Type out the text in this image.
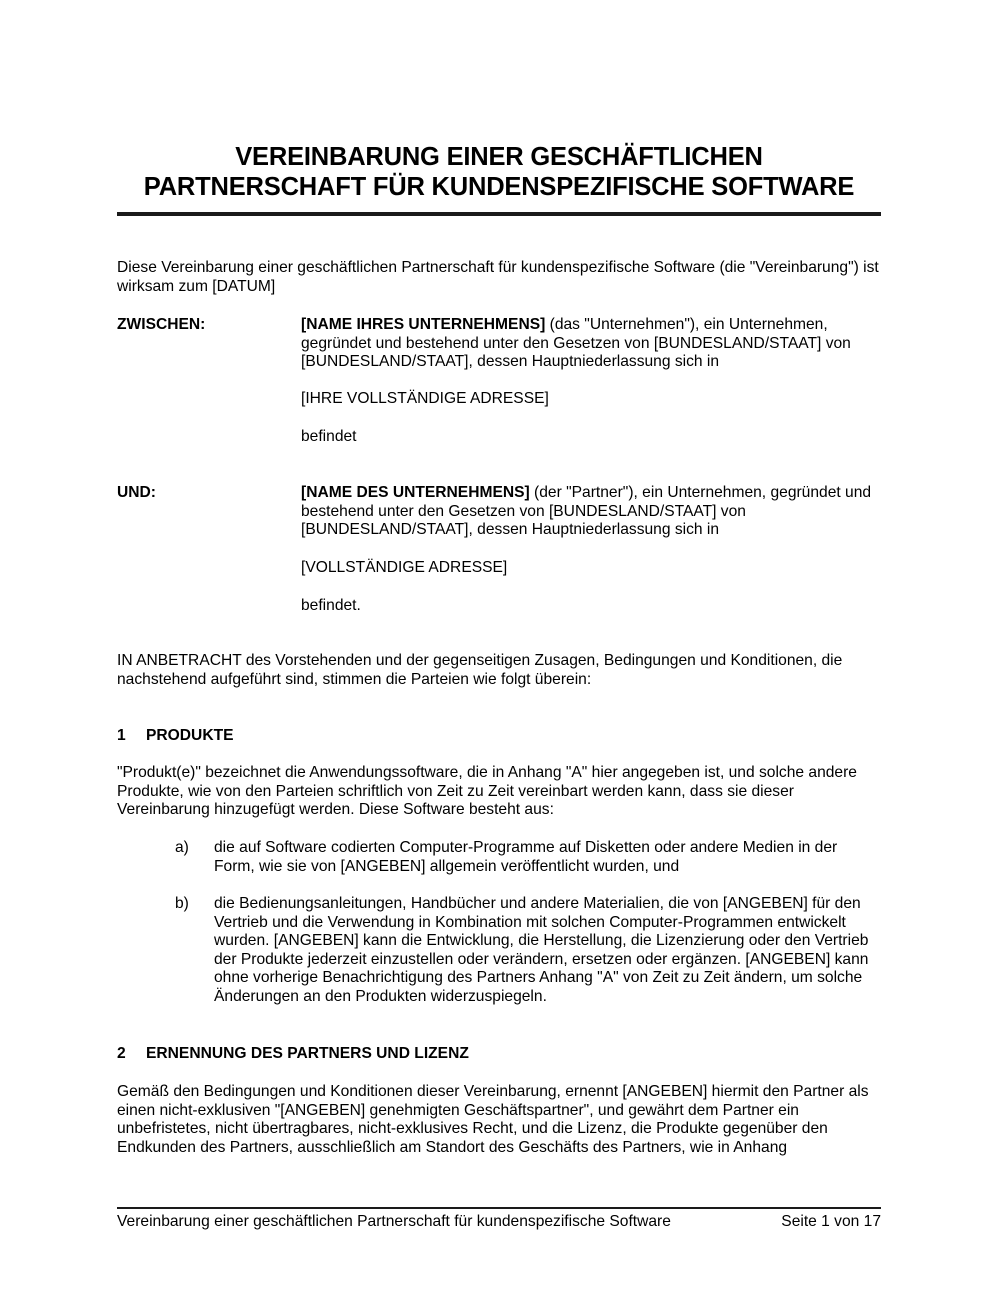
VEREINBARUNG EINER GESCHÄFTLICHEN
PARTNERSCHAFT FÜR KUNDENSPEZIFISCHE SOFTWARE
Diese Vereinbarung einer geschäftlichen Partnerschaft für kundenspezifische Software (die "Vereinbarung") ist wirksam zum [DATUM]
ZWISCHEN:	[NAME IHRES UNTERNEHMENS] (das "Unternehmen"), ein Unternehmen, gegründet und bestehend unter den Gesetzen von [BUNDESLAND/STAAT] von [BUNDESLAND/STAAT], dessen Hauptniederlassung sich in
[IHRE VOLLSTÄNDIGE ADRESSE]
befindet
UND:	[NAME DES UNTERNEHMENS] (der "Partner"), ein Unternehmen, gegründet und bestehend unter den Gesetzen von [BUNDESLAND/STAAT] von [BUNDESLAND/STAAT], dessen Hauptniederlassung sich in
[VOLLSTÄNDIGE ADRESSE]
befindet.
IN ANBETRACHT des Vorstehenden und der gegenseitigen Zusagen, Bedingungen und Konditionen, die nachstehend aufgeführt sind, stimmen die Parteien wie folgt überein:
1 PRODUKTE
"Produkt(e)" bezeichnet die Anwendungssoftware, die in Anhang "A" hier angegeben ist, und solche andere Produkte, wie von den Parteien schriftlich von Zeit zu Zeit vereinbart werden kann, dass sie dieser Vereinbarung hinzugefügt werden. Diese Software besteht aus:
a) die auf Software codierten Computer-Programme auf Disketten oder andere Medien in der Form, wie sie von [ANGEBEN] allgemein veröffentlicht wurden, und
b) die Bedienungsanleitungen, Handbücher und andere Materialien, die von [ANGEBEN] für den Vertrieb und die Verwendung in Kombination mit solchen Computer-Programmen entwickelt wurden. [ANGEBEN] kann die Entwicklung, die Herstellung, die Lizenzierung oder den Vertrieb der Produkte jederzeit einzustellen oder verändern, ersetzen oder ergänzen. [ANGEBEN] kann ohne vorherige Benachrichtigung des Partners Anhang "A" von Zeit zu Zeit ändern, um solche Änderungen an den Produkten widerzuspiegeln.
2 ERNENNUNG DES PARTNERS UND LIZENZ
Gemäß den Bedingungen und Konditionen dieser Vereinbarung, ernennt [ANGEBEN] hiermit den Partner als einen nicht-exklusiven "[ANGEBEN] genehmigten Geschäftspartner", und gewährt dem Partner ein unbefristetes, nicht übertragbares, nicht-exklusives Recht, und die Lizenz, die Produkte gegenüber den Endkunden des Partners, ausschließlich am Standort des Geschäfts des Partners, wie in Anhang
Vereinbarung einer geschäftlichen Partnerschaft für kundenspezifische Software	Seite 1 von 17
